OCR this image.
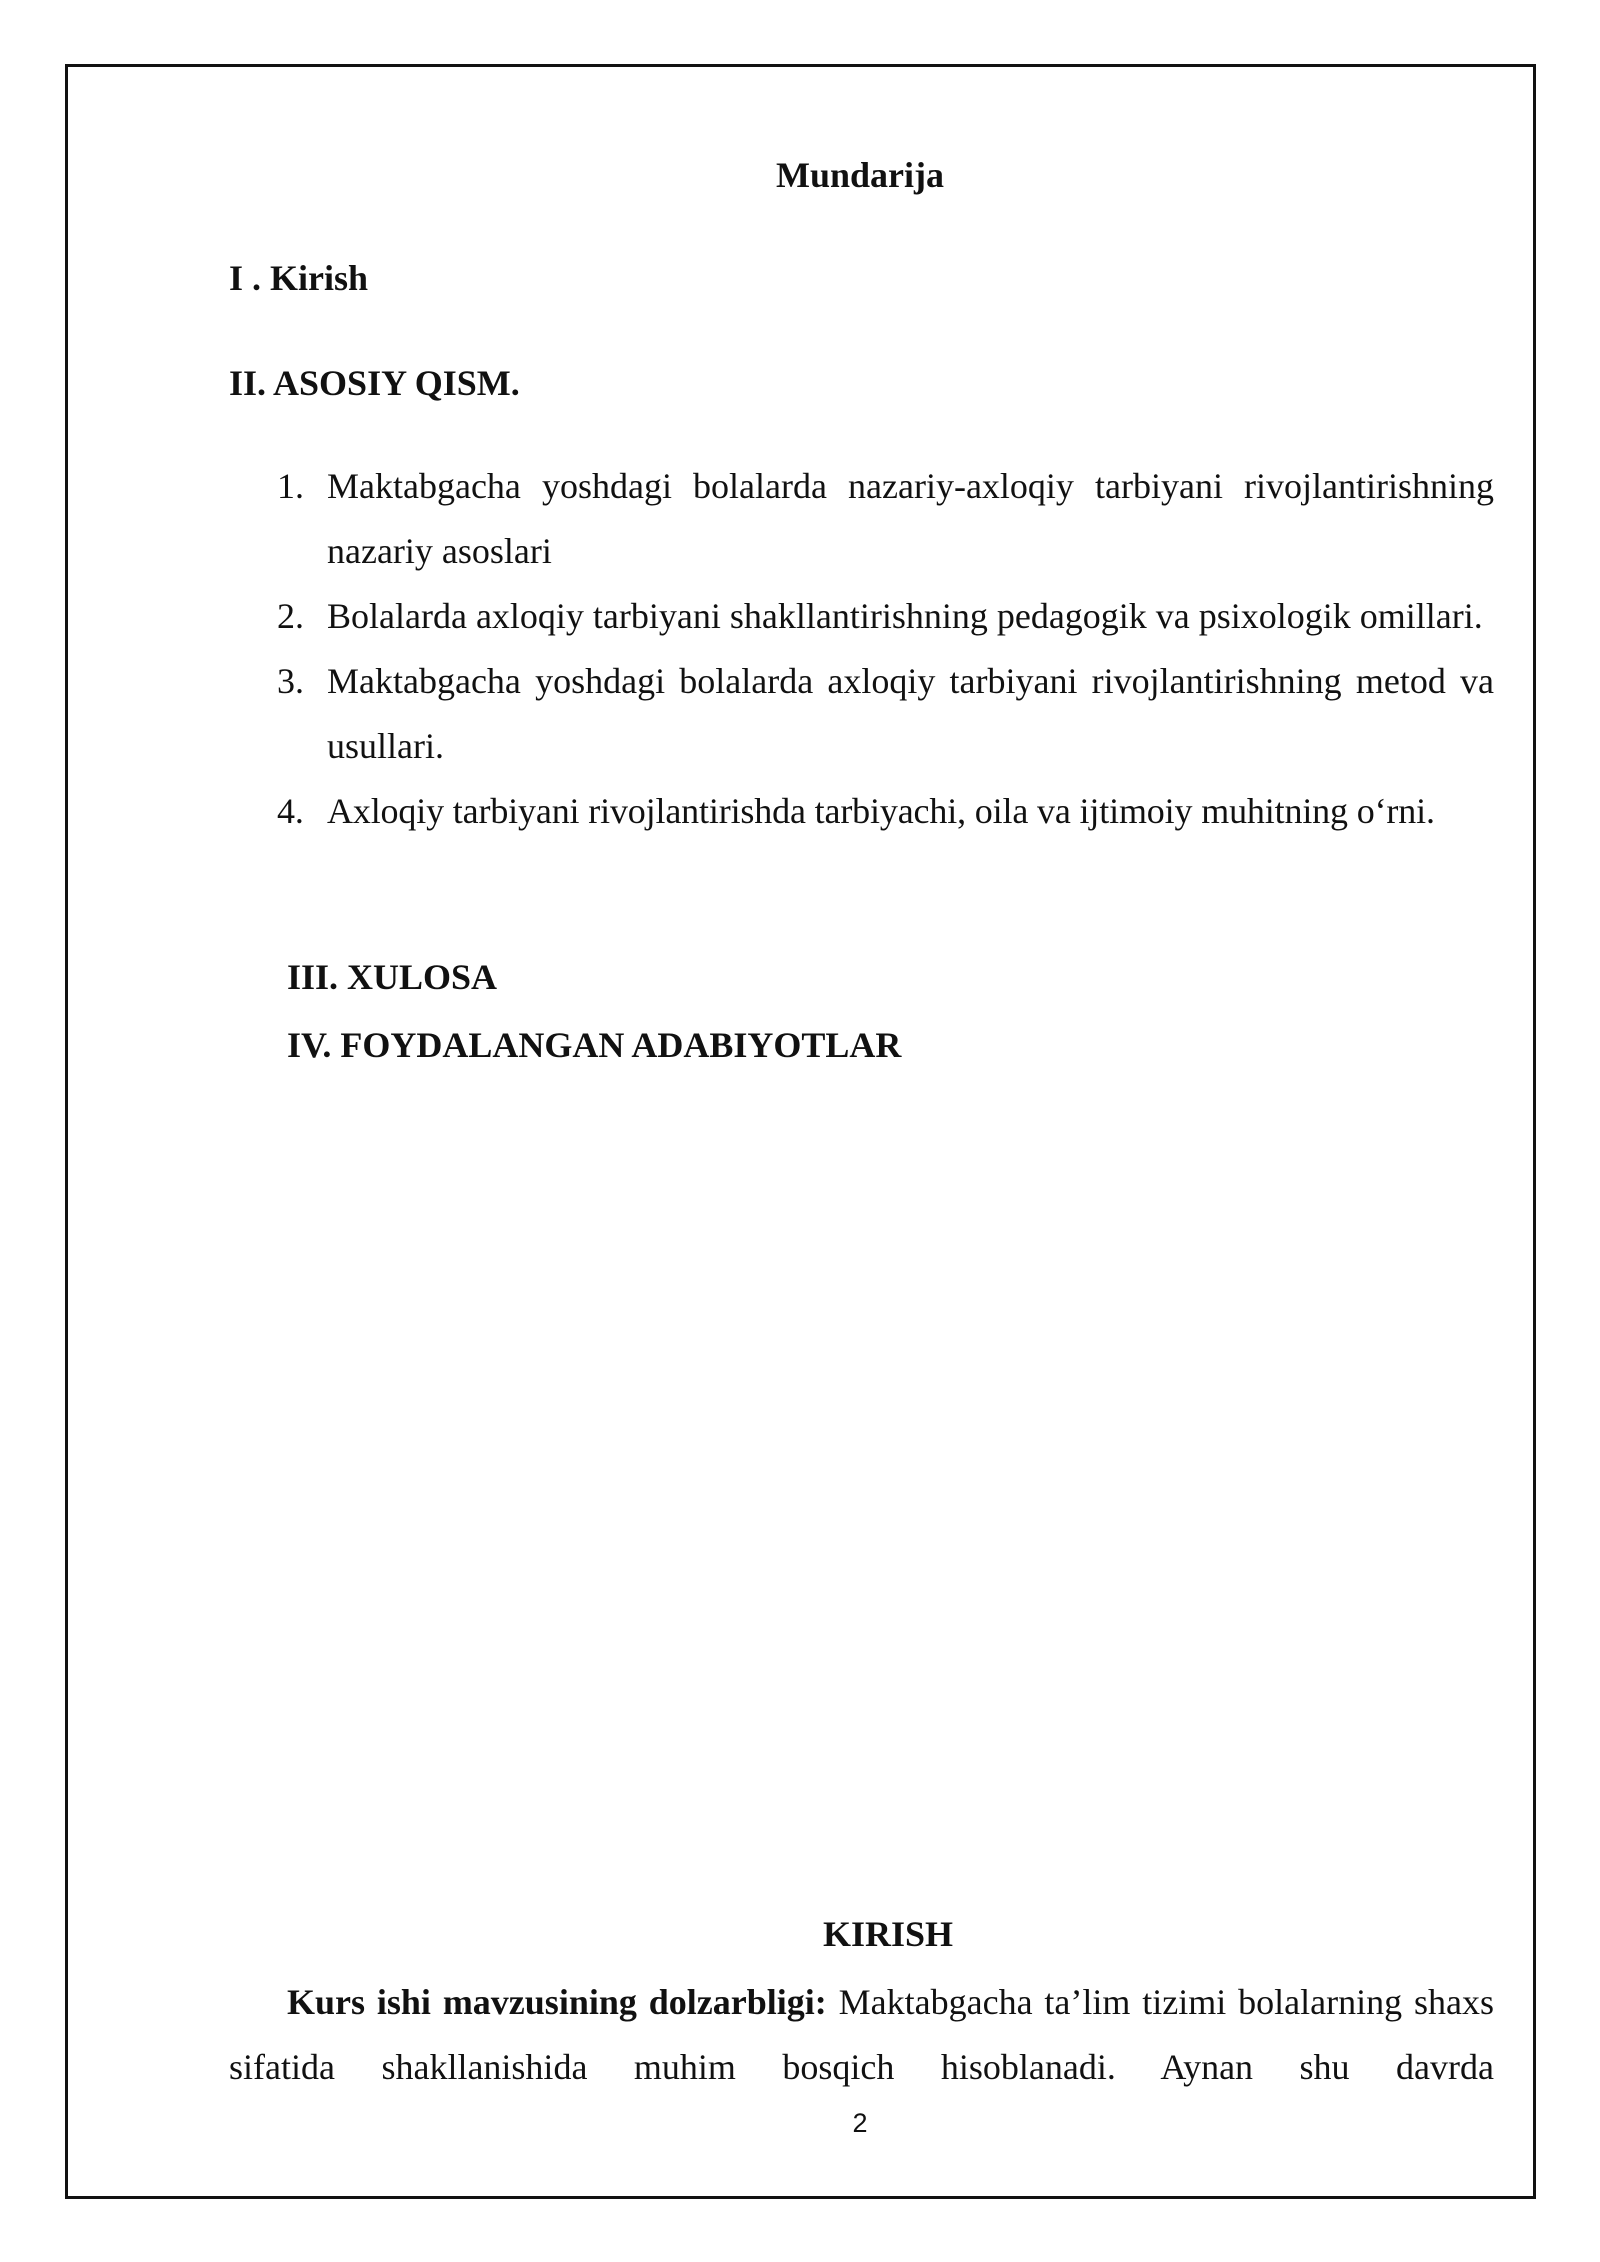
Mundarija
I . Kirish
II. ASOSIY QISM.
1. Maktabgacha yoshdagi bolalarda nazariy-axloqiy tarbiyani rivojlantirishning nazariy asoslari
2. Bolalarda axloqiy tarbiyani shakllantirishning pedagogik va psixologik omillari.
3. Maktabgacha yoshdagi bolalarda axloqiy tarbiyani rivojlantirishning metod va usullari.
4. Axloqiy tarbiyani rivojlantirishda tarbiyachi, oila va ijtimoiy muhitning o‘rni.
III. XULOSA
IV. FOYDALANGAN ADABIYOTLAR
KIRISH

Kurs ishi mavzusining dolzarbligi: Maktabgacha ta’lim tizimi bolalarning shaxs sifatida shakllanishida muhim bosqich hisoblanadi. Aynan shu davrda

2
